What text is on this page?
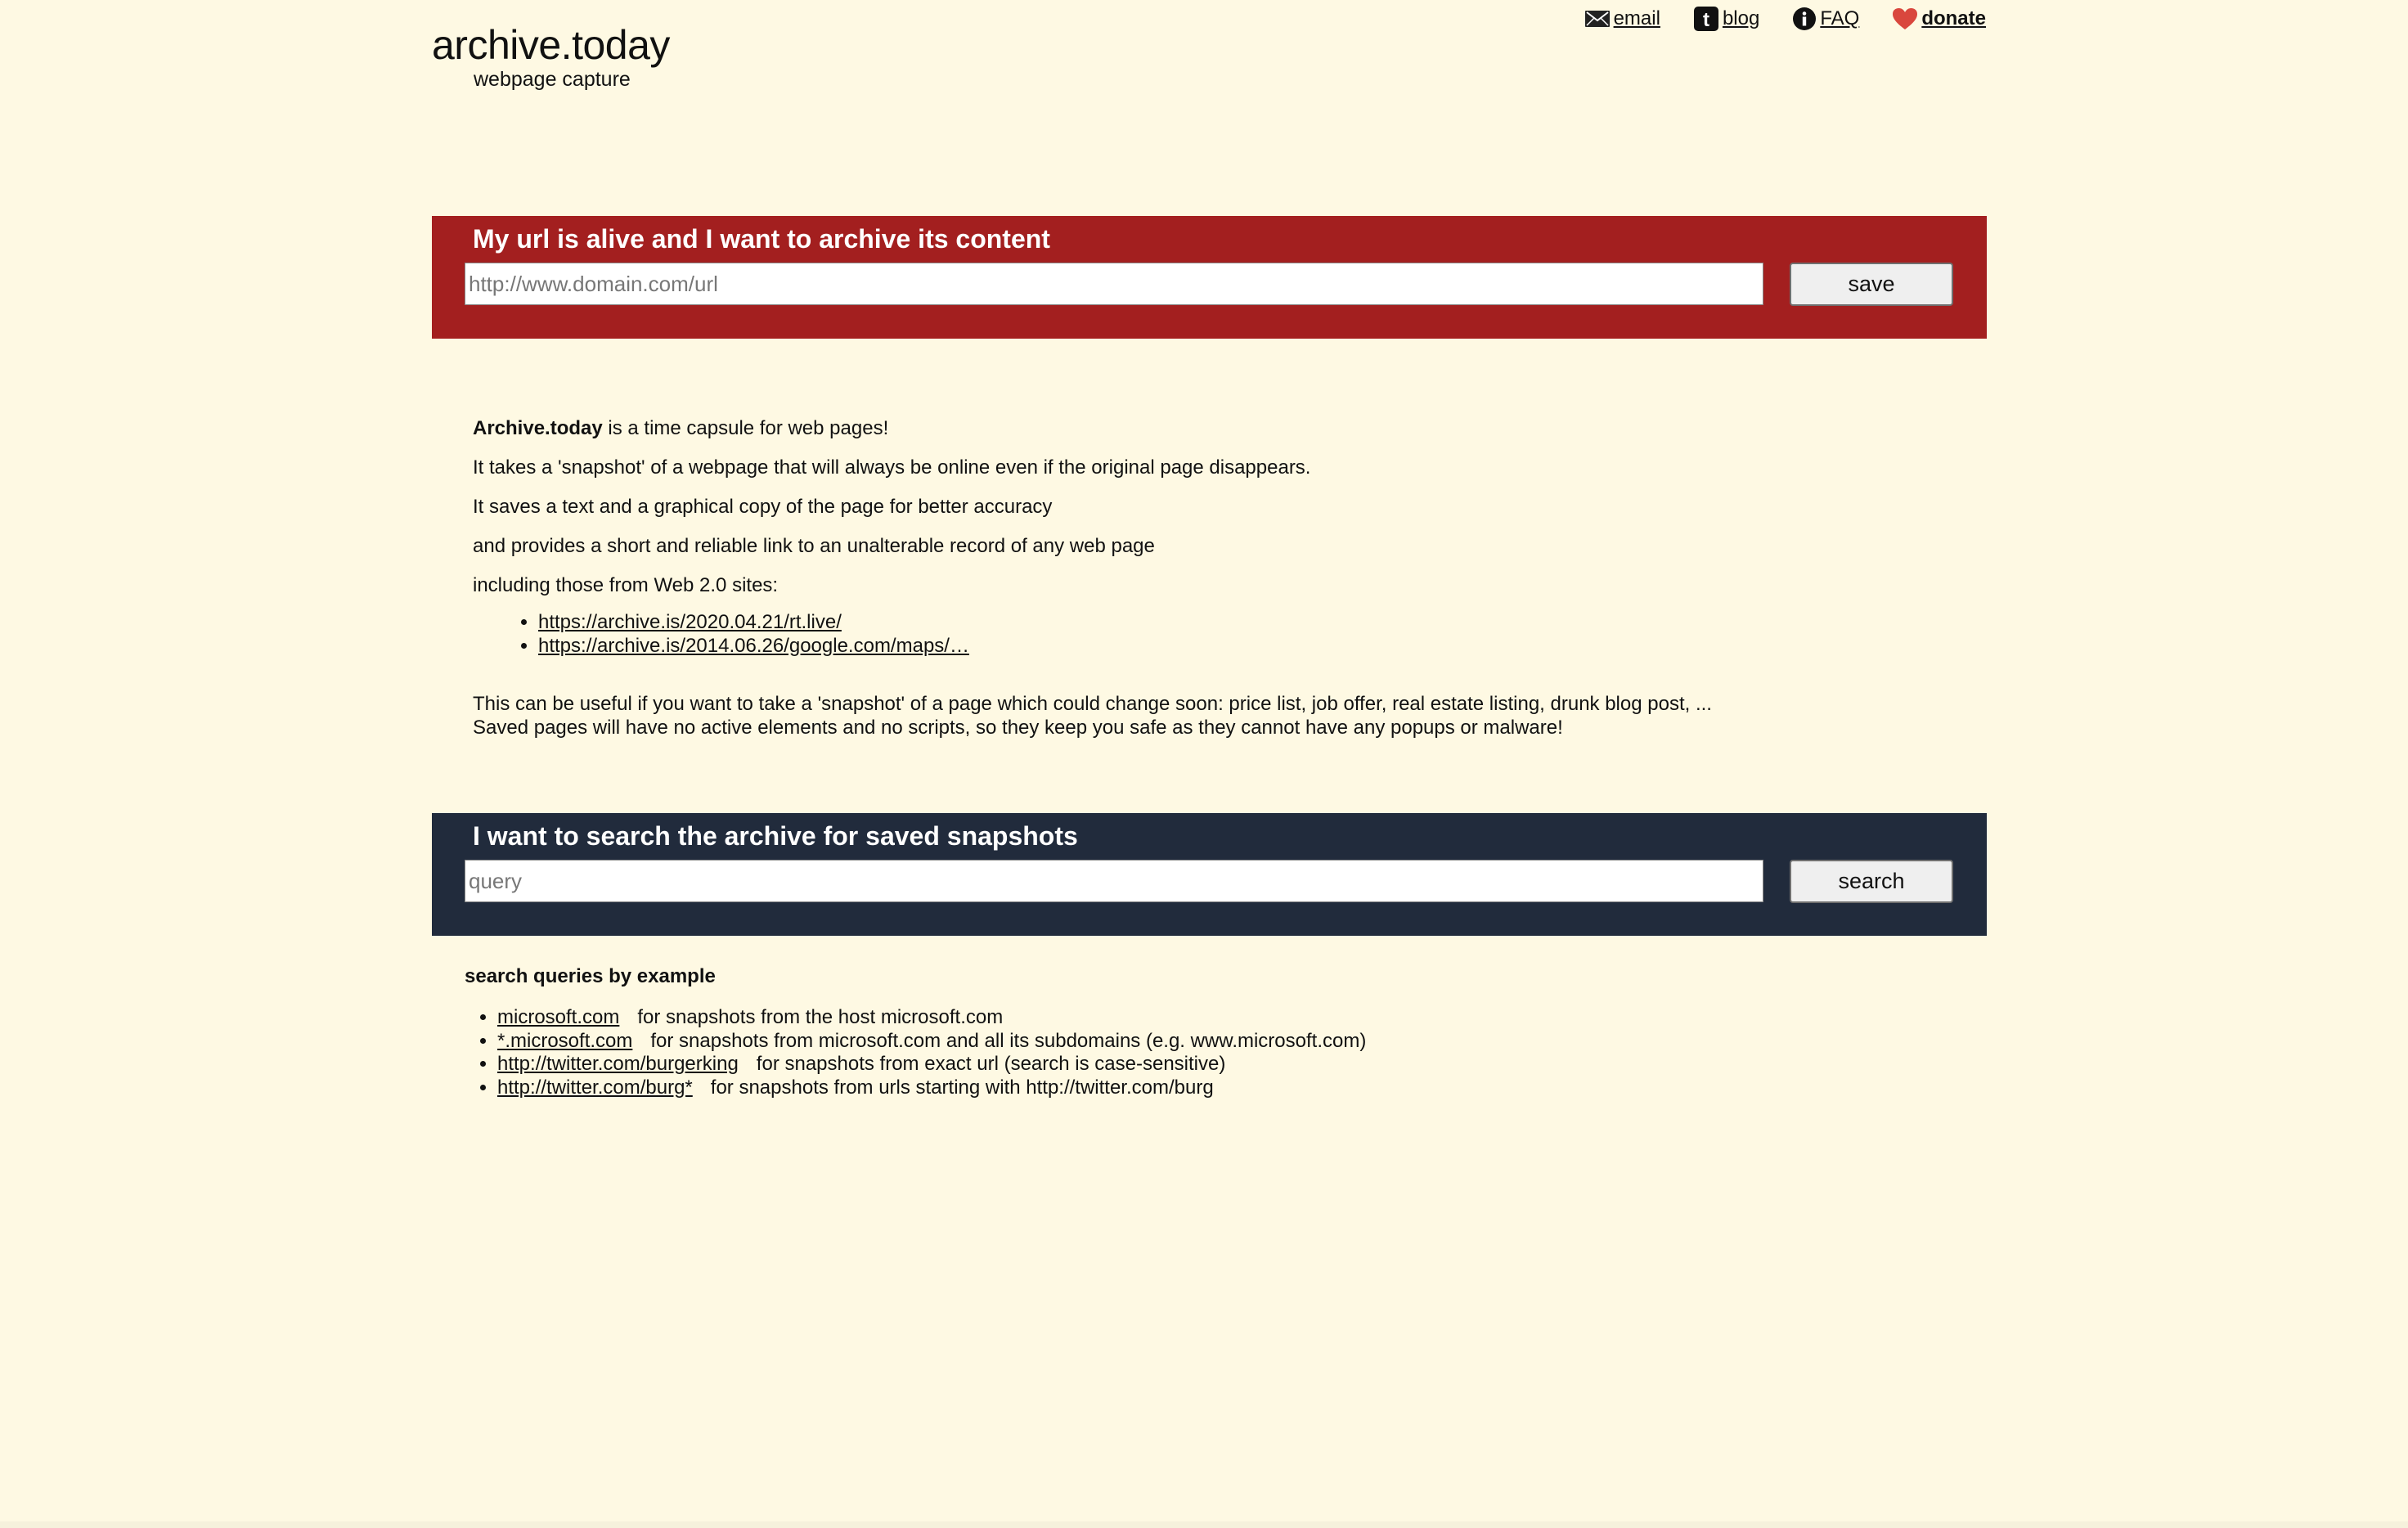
archive.today
webpage capture
email t blog	FAQ	donate
My url is alive and I want to archive its content
http://www.domain.com/url
save

Archive.today is a time capsule for web pages!

It takes a 'snapshot' of a webpage that will always be online even if the original page disappears.

It saves a text and a graphical copy of the page for better accuracy

and provides a short and reliable link to an unalterable record of any web page

including those from Web 2.0 sites:

• https://archive.is/2020.04.21/rt.live/
• https://archive.is/2014.06.26/google.com/maps/…
This can be useful if you want to take a 'snapshot' of a page which could change soon: price list, job offer, real estate listing, drunk blog post, ...
Saved pages will have no active elements and no scripts, so they keep you safe as they cannot have any popups or malware!
I want to search the archive for saved snapshots
query
search
search queries by example
• microsoft.com for snapshots from the host microsoft.com
• *.microsoft.com for snapshots from microsoft.com and all its subdomains (e.g. www.microsoft.com)
• http://twitter.com/burgerking for snapshots from exact url (search is case-sensitive)
• http://twitter.com/burg* for snapshots from urls starting with http://twitter.com/burg
